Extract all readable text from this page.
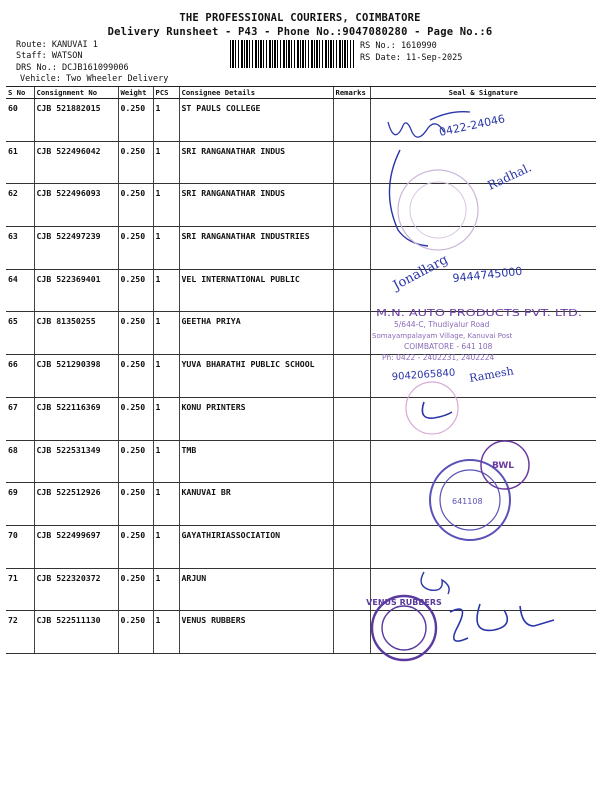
THE PROFESSIONAL COURIERS, COIMBATORE
Delivery Runsheet - P43 - Phone No.:9047080280 - Page No.:6
Route: KANUVAI 1
Staff: WATSON
DRS No.: DCJB161099006
Vehicle: Two Wheeler Delivery
RS No.: 1610990
RS Date: 11-Sep-2025
S No	Consignment No	Weight	PCS	Consignee Details	Remarks	Seal & Signature
60	CJB 521882015	0.250	1	ST PAULS COLLEGE		
61	CJB 522496042	0.250	1	SRI RANGANATHAR INDUS		
62	CJB 522496093	0.250	1	SRI RANGANATHAR INDUS		
63	CJB 522497239	0.250	1	SRI RANGANATHAR INDUSTRIES		
64	CJB 522369401	0.250	1	VEL INTERNATIONAL PUBLIC		
65	CJB 81350255	0.250	1	GEETHA PRIYA		
66	CJB 521290398	0.250	1	YUVA BHARATHI PUBLIC SCHOOL		
67	CJB 522116369	0.250	1	KONU PRINTERS		
68	CJB 522531349	0.250	1	TMB		
69	CJB 522512926	0.250	1	KANUVAI BR		
70	CJB 522499697	0.250	1	GAYATHIRIASSOCIATION		
71	CJB 522320372	0.250	1	ARJUN		
72	CJB 522511130	0.250	1	VENUS RUBBERS		
0422-24046
Radhal.
Jonallarg 9444745000
M.N. AUTO PRODUCTS PVT. LTD.
5/644-C, Thudiyalur Road
Somayampalayam Village, Kanuvai Post
COIMBATORE - 641 108
Ph: 0422 - 2402231, 2402224
9042065840 Ramesh
641108
BWL
VENUS RUBBERS
